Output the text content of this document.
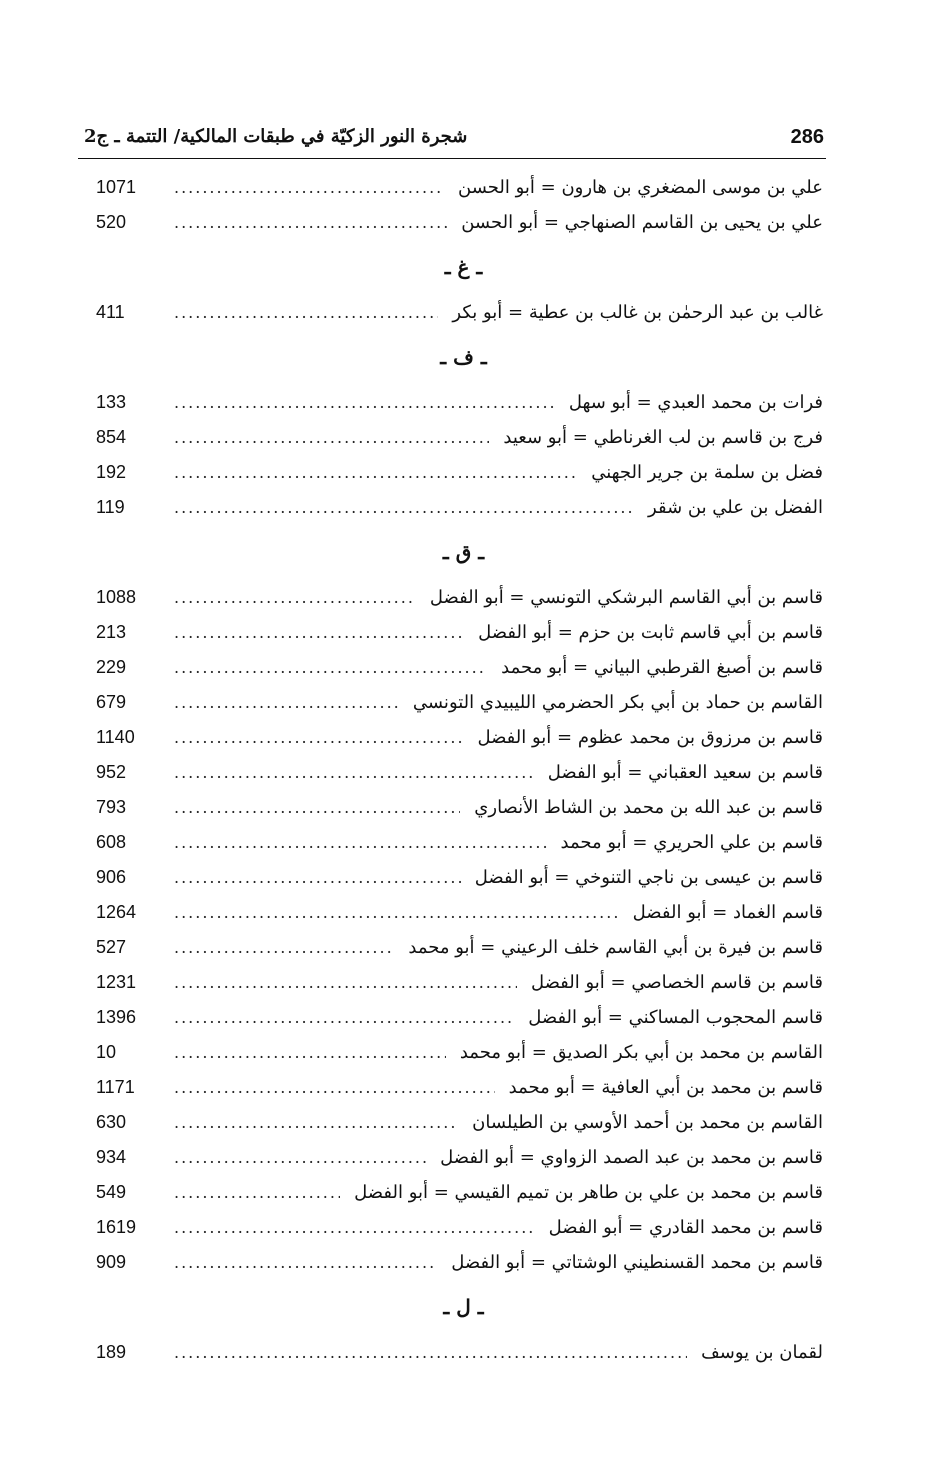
286
شجرة النور الزكيّة في طبقات المالكية/ التتمة ـ ج2
علي بن موسى المضغري بن هارون = أبو الحسن
.....
1071
علي بن يحيى بن القاسم الصنهاجي = أبو الحسن
.....
520
ـ غ ـ
غالب بن عبد الرحمٰن بن غالب بن عطية = أبو بكر
.....
411
ـ ف ـ
فرات بن محمد العبدي = أبو سهل
.....
133
فرج بن قاسم بن لب الغرناطي = أبو سعيد
.....
854
فضل بن سلمة بن جرير الجهني
.....
192
الفضل بن علي بن شقر
.....
119
ـ ق ـ
قاسم بن أبي القاسم البرشكي التونسي = أبو الفضل
.....
1088
قاسم بن أبي قاسم ثابت بن حزم = أبو الفضل
.....
213
قاسم بن أصبغ القرطبي البياني = أبو محمد
.....
229
القاسم بن حماد بن أبي بكر الحضرمي الليبيدي التونسي
.....
679
قاسم بن مرزوق بن محمد عظوم = أبو الفضل
.....
1140
قاسم بن سعيد العقباني = أبو الفضل
.....
952
قاسم بن عبد الله بن محمد بن الشاط الأنصاري
.....
793
قاسم بن علي الحريري = أبو محمد
.....
608
قاسم بن عيسى بن ناجي التنوخي = أبو الفضل
.....
906
قاسم الغماد = أبو الفضل
.....
1264
قاسم بن فيرة بن أبي القاسم خلف الرعيني = أبو محمد
.....
527
قاسم بن قاسم الخصاصي = أبو الفضل
.....
1231
قاسم المحجوب المساكني = أبو الفضل
.....
1396
القاسم بن محمد بن أبي بكر الصديق = أبو محمد
.....
10
قاسم بن محمد بن أبي العافية = أبو محمد
.....
1171
القاسم بن محمد بن أحمد الأوسي بن الطيلسان
.....
630
قاسم بن محمد بن عبد الصمد الزواوي = أبو الفضل
.....
934
قاسم بن محمد بن علي بن طاهر بن تميم القيسي = أبو الفضل
.....
549
قاسم بن محمد القادري = أبو الفضل
.....
1619
قاسم بن محمد القسنطيني الوشتاتي = أبو الفضل
.....
909
ـ ل ـ
لقمان بن يوسف
.....
189
